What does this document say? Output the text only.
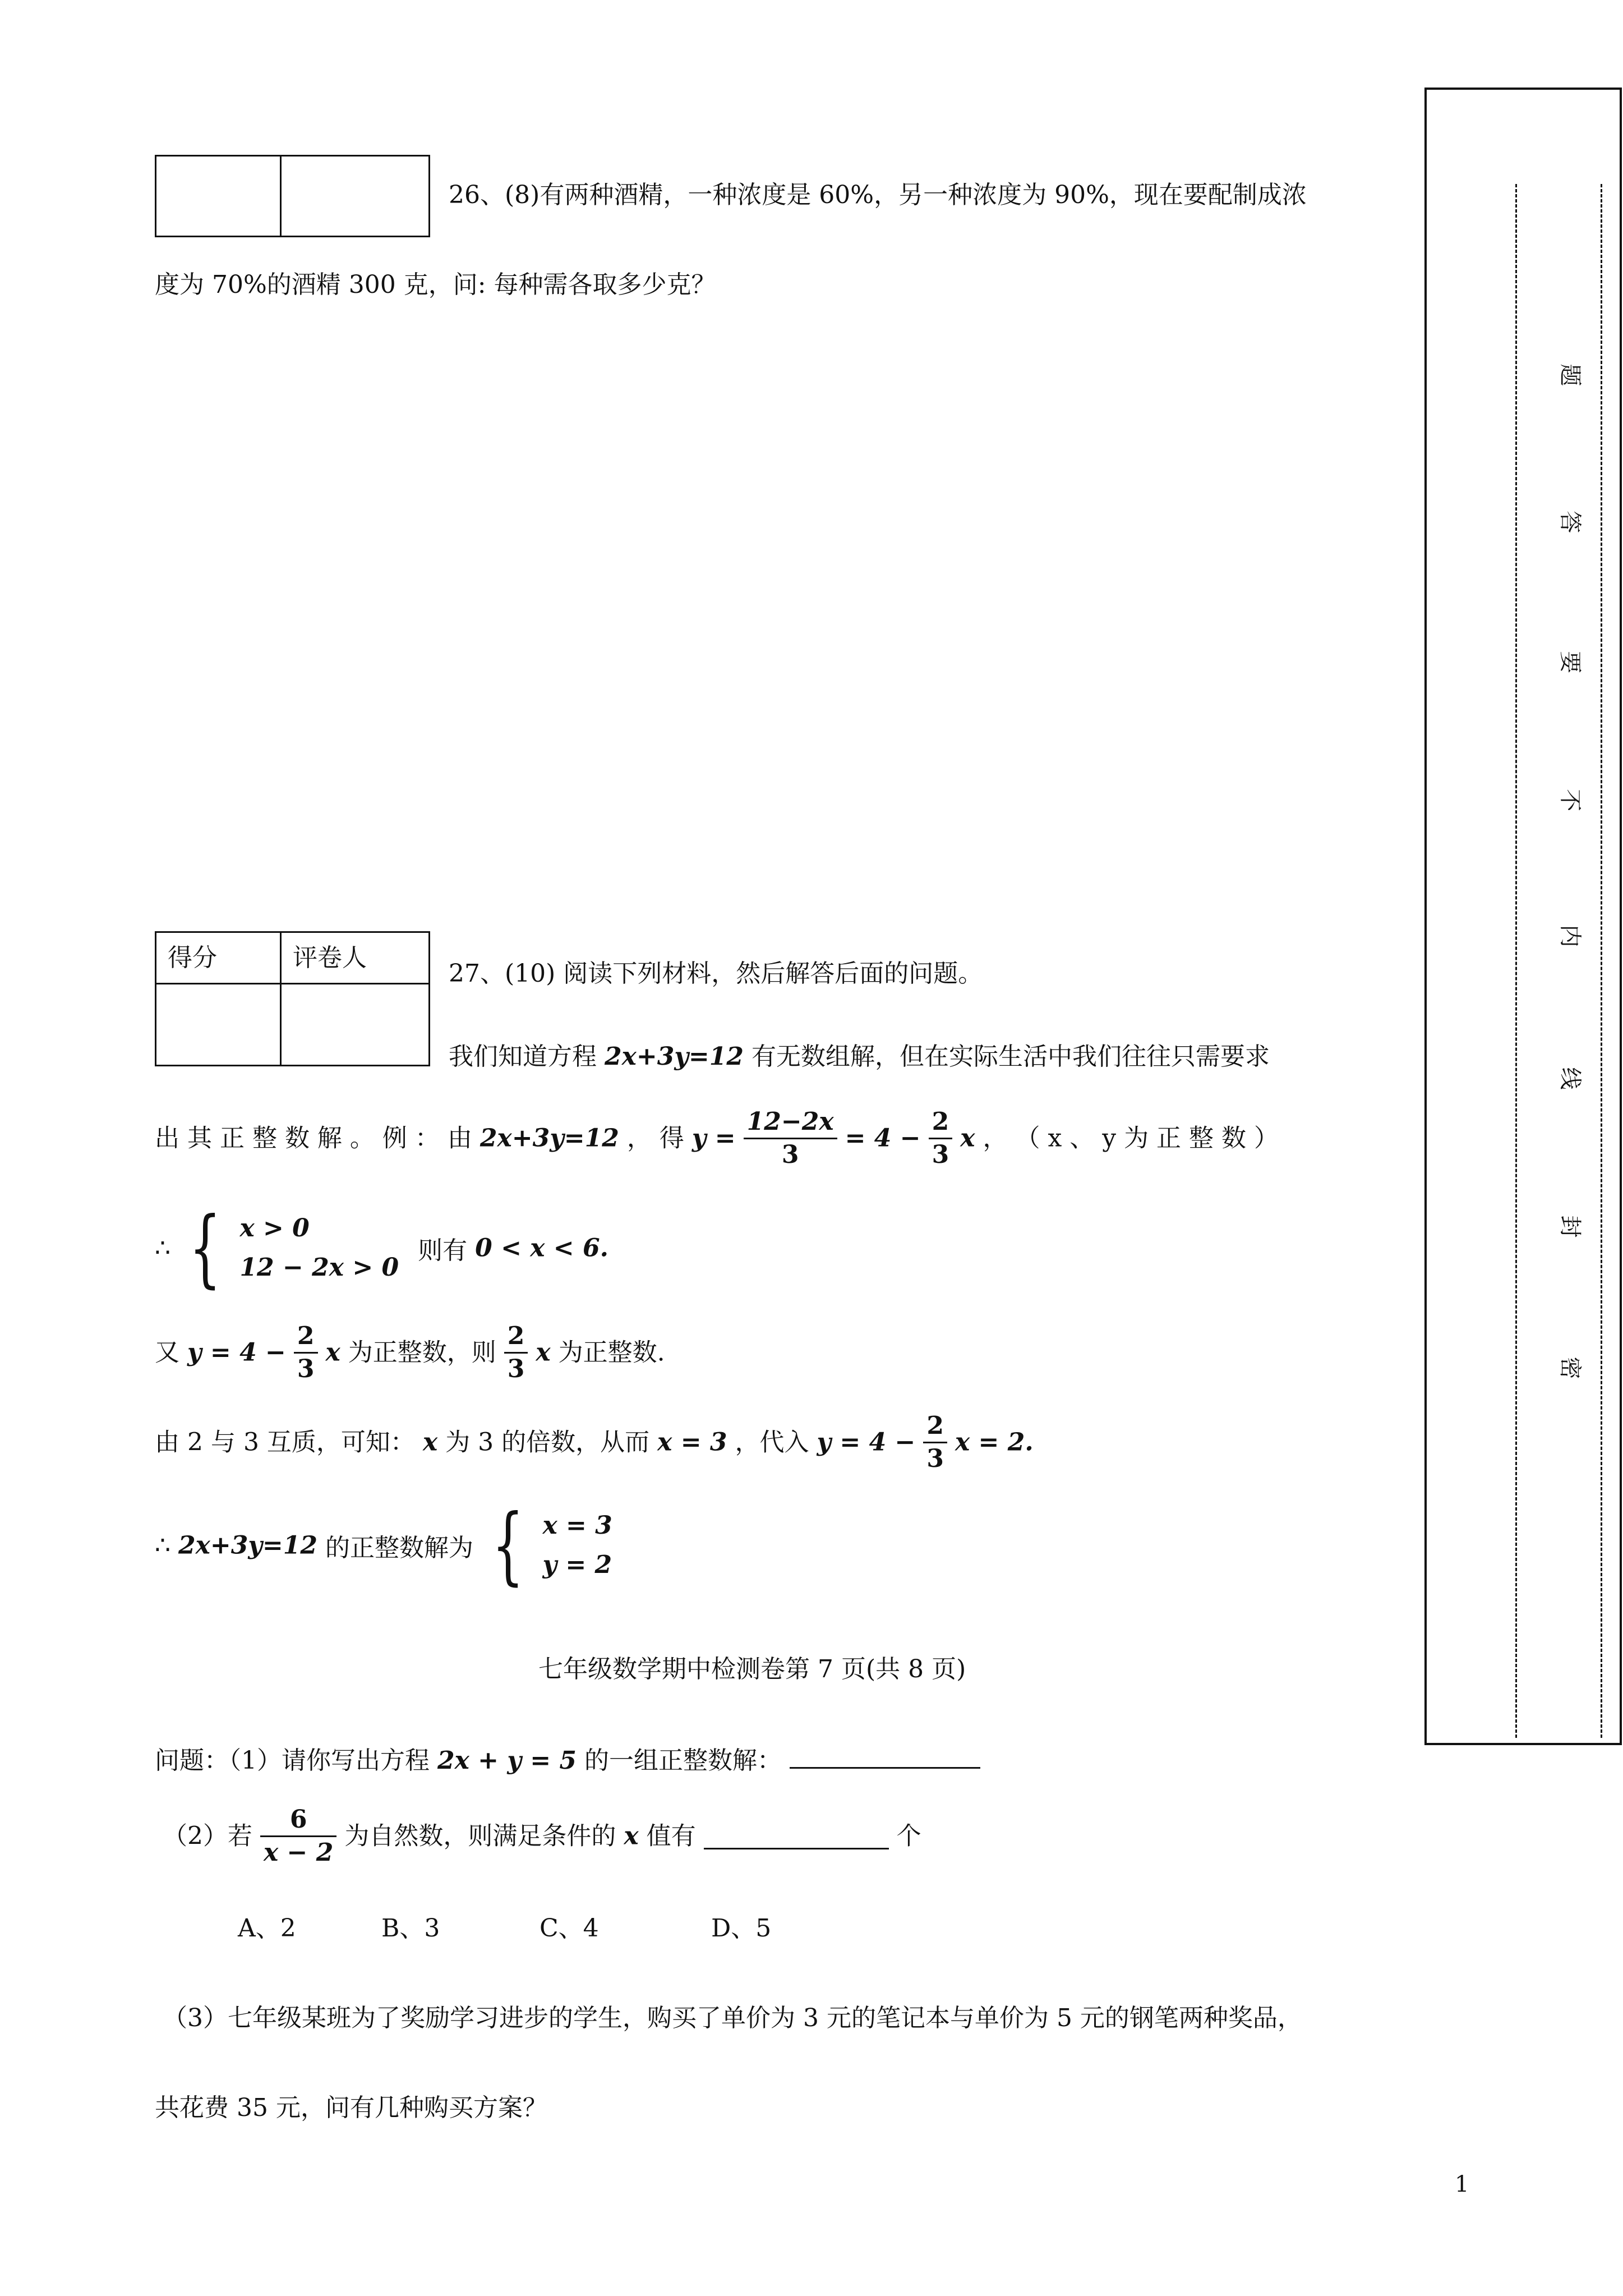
26、(8)有两种酒精，一种浓度是 60%，另一种浓度为 90%，现在要配制成浓
度为 70%的酒精 300 克，问: 每种需各取多少克？
得分	评卷人

27、(10) 阅读下列材料，然后解答后面的问题。
我们知道方程 2x+3y=12 有无数组解，但在实际生活中我们往往只需要求
出 其 正 整 数 解 。 例 ： 由 2x+3y=12 ， 得 $y = \frac{12-2x}{3} = 4 - \frac{2}{3}$ x ， （ x 、 y 为 正 整 数 ）
∴ { x > 0
12 − 2x > 0 则有 0 < x < 6.
又 $y = 4 - \frac{2}{3}$ x 为正整数，则 $\frac{2}{3}$ x 为正整数.
由 2 与 3 互质，可知： x 为 3 的倍数，从而 x = 3 ，代入 $y = 4 - \frac{2}{3}$ x = 2.
∴ 2x+3y=12 的正整数解为 { x = 3
y = 2
七年级数学期中检测卷第 7 页(共 8 页)
问题：（1）请你写出方程 2x + y = 5 的一组正整数解：
（2）若 $\frac{6}{x - 2}$ 为自然数，则满足条件的 x 值有	个
A、2	B、3	C、4	D、5
（3）七年级某班为了奖励学习进步的学生，购买了单价为 3 元的笔记本与单价为 5 元的钢笔两种奖品，
共花费 35 元，问有几种购买方案？
1
题
答
要
不
内
线
封
密
